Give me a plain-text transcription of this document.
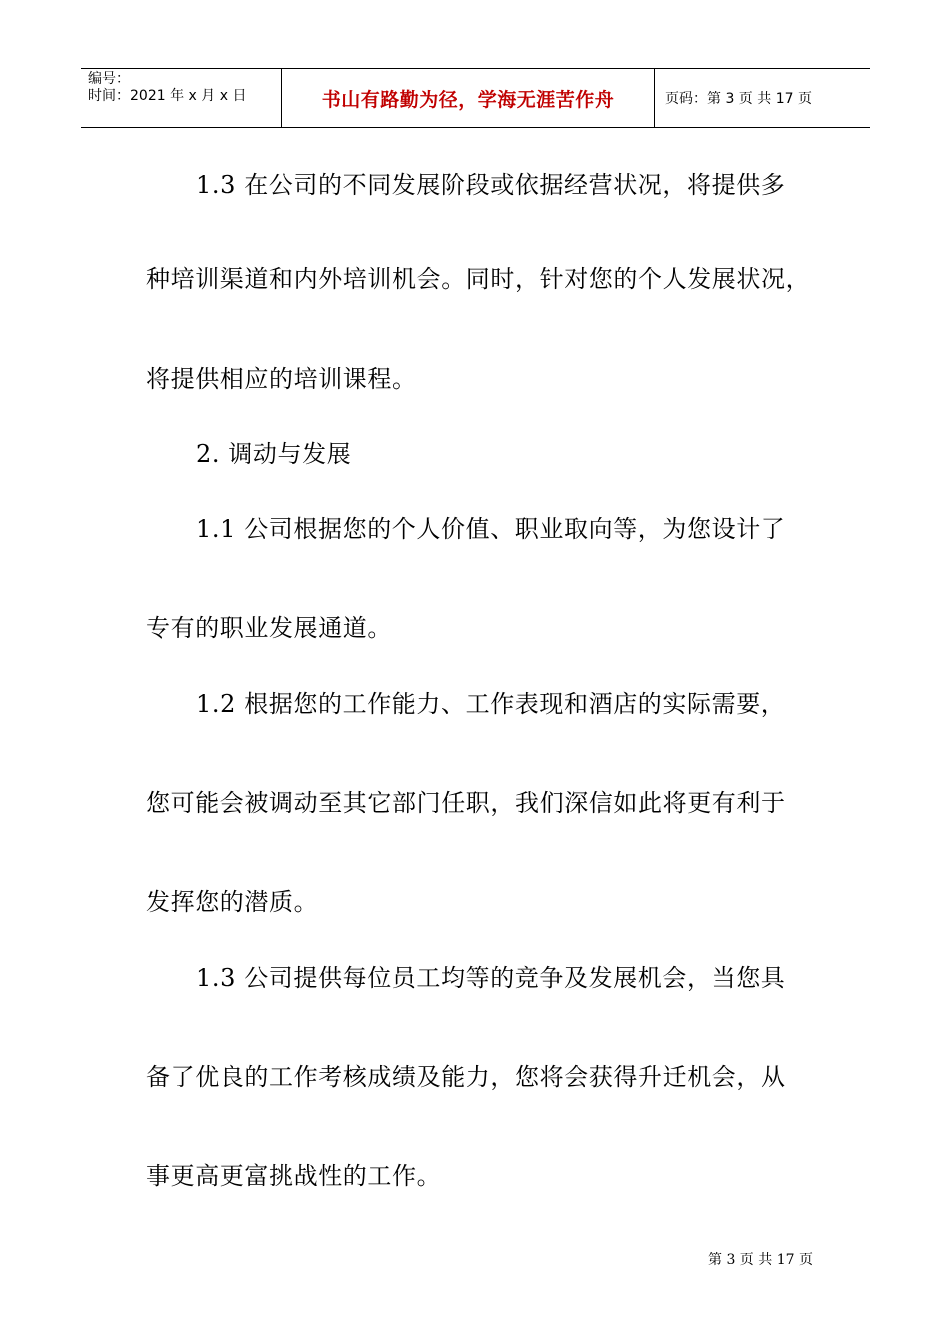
编号：
时间：2021 年 x 月 x 日	书山有路勤为径，学海无涯苦作舟	页码：第 3 页 共 17 页
1.3 在公司的不同发展阶段或依据经营状况，将提供多
种培训渠道和内外培训机会。同时，针对您的个人发展状况，
将提供相应的培训课程。
2. 调动与发展
1.1 公司根据您的个人价值、职业取向等，为您设计了
专有的职业发展通道。
1.2 根据您的工作能力、工作表现和酒店的实际需要，
您可能会被调动至其它部门任职，我们深信如此将更有利于
发挥您的潜质。
1.3 公司提供每位员工均等的竞争及发展机会，当您具
备了优良的工作考核成绩及能力，您将会获得升迁机会，从
事更高更富挑战性的工作。
第 3 页 共 17 页
